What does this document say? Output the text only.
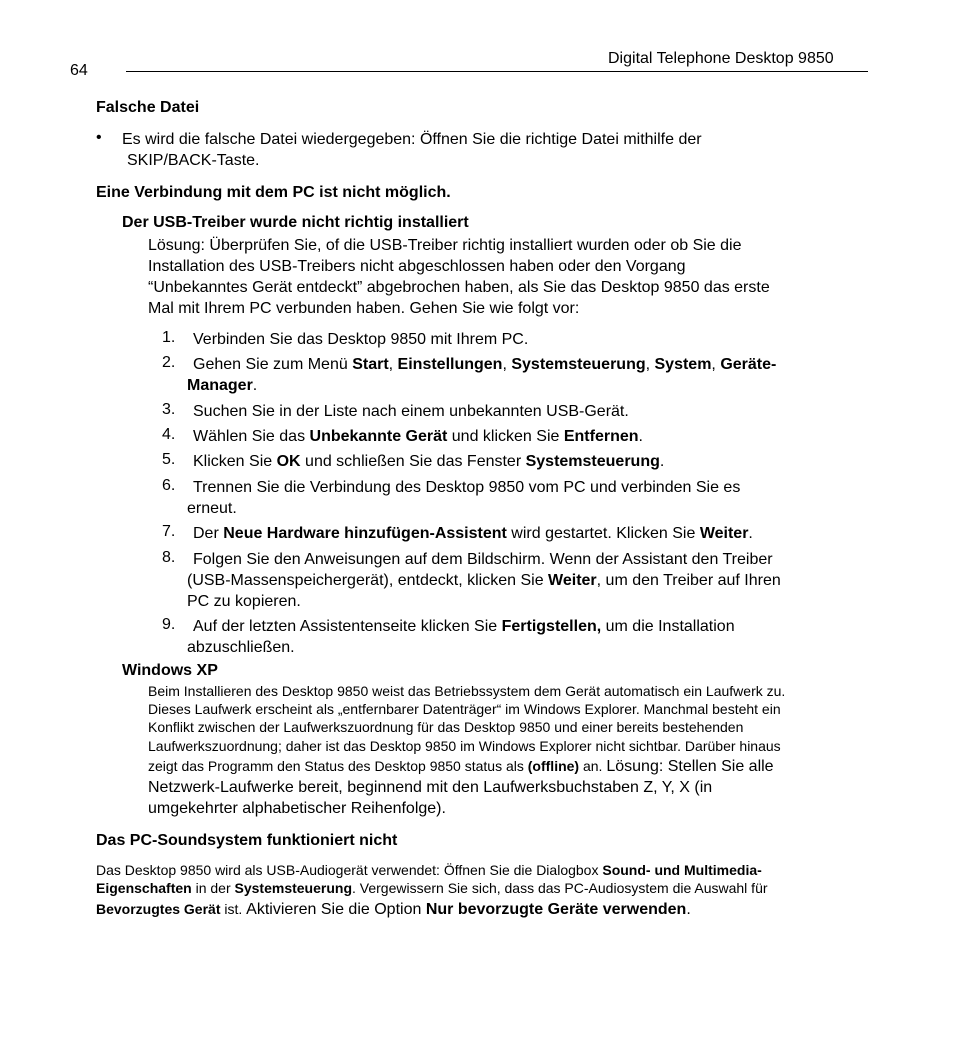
Digital Telephone Desktop 9850
64
Falsche Datei
• Es wird die falsche Datei wiedergegeben: Öffnen Sie die richtige Datei mithilfe der
SKIP/BACK-Taste.
Eine Verbindung mit dem PC ist nicht möglich.
Der USB-Treiber wurde nicht richtig installiert
Lösung: Überprüfen Sie, of die USB-Treiber richtig installiert wurden oder ob Sie die
Installation des USB-Treibers nicht abgeschlossen haben oder den Vorgang
“Unbekanntes Gerät entdeckt” abgebrochen haben, als Sie das Desktop 9850 das erste
Mal mit Ihrem PC verbunden haben. Gehen Sie wie folgt vor:
1. Verbinden Sie das Desktop 9850 mit Ihrem PC.
2. Gehen Sie zum Menü Start, Einstellungen, Systemsteuerung, System, Geräte-
Manager.
3. Suchen Sie in der Liste nach einem unbekannten USB-Gerät.
4. Wählen Sie das Unbekannte Gerät und klicken Sie Entfernen.
5. Klicken Sie OK und schließen Sie das Fenster Systemsteuerung.
6. Trennen Sie die Verbindung des Desktop 9850 vom PC und verbinden Sie es
erneut.
7. Der Neue Hardware hinzufügen-Assistent wird gestartet. Klicken Sie Weiter.
8. Folgen Sie den Anweisungen auf dem Bildschirm. Wenn der Assistant den Treiber
(USB-Massenspeichergerät), entdeckt, klicken Sie Weiter, um den Treiber auf Ihren
PC zu kopieren.
9. Auf der letzten Assistentenseite klicken Sie Fertigstellen, um die Installation
abzuschließen.
Windows XP
Beim Installieren des Desktop 9850 weist das Betriebssystem dem Gerät automatisch ein Laufwerk zu.
Dieses Laufwerk erscheint als „entfernbarer Datenträger“ im Windows Explorer. Manchmal besteht ein
Konflikt zwischen der Laufwerkszuordnung für das Desktop 9850 und einer bereits bestehenden
Laufwerkszuordnung; daher ist das Desktop 9850 im Windows Explorer nicht sichtbar. Darüber hinaus
zeigt das Programm den Status des Desktop 9850 status als (offline) an. Lösung: Stellen Sie alle
Netzwerk-Laufwerke bereit, beginnend mit den Laufwerksbuchstaben Z, Y, X (in
umgekehrter alphabetischer Reihenfolge).
Das PC-Soundsystem funktioniert nicht
Das Desktop 9850 wird als USB-Audiogerät verwendet: Öffnen Sie die Dialogbox Sound- und Multimedia-
Eigenschaften in der Systemsteuerung. Vergewissern Sie sich, dass das PC-Audiosystem die Auswahl für
Bevorzugtes Gerät ist. Aktivieren Sie die Option Nur bevorzugte Geräte verwenden.
